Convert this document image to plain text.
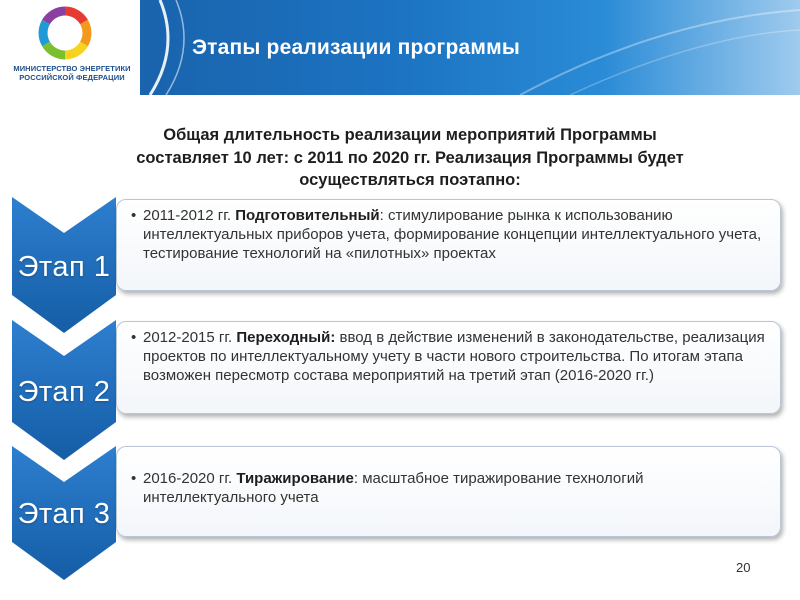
МИНИСТЕРСТВО ЭНЕРГЕТИКИ
РОССИЙСКОЙ ФЕДЕРАЦИИ
Этапы реализации программы
Общая длительность реализации мероприятий Программы
составляет 10 лет: с 2011 по 2020 гг. Реализация Программы будет
осуществляться поэтапно:
Этап 1
• 2011-2012 гг. Подготовительный: стимулирование рынка к использованию интеллектуальных приборов учета, формирование концепции интеллектуального учета, тестирование технологий на «пилотных» проектах
Этап 2
• 2012-2015 гг. Переходный: ввод в действие изменений в законодательстве, реализация проектов по интеллектуальному учету в части нового строительства. По итогам этапа возможен пересмотр состава мероприятий на третий этап (2016-2020 гг.)
Этап 3
• 2016-2020 гг. Тиражирование: масштабное тиражирование технологий интеллектуального учета
20
